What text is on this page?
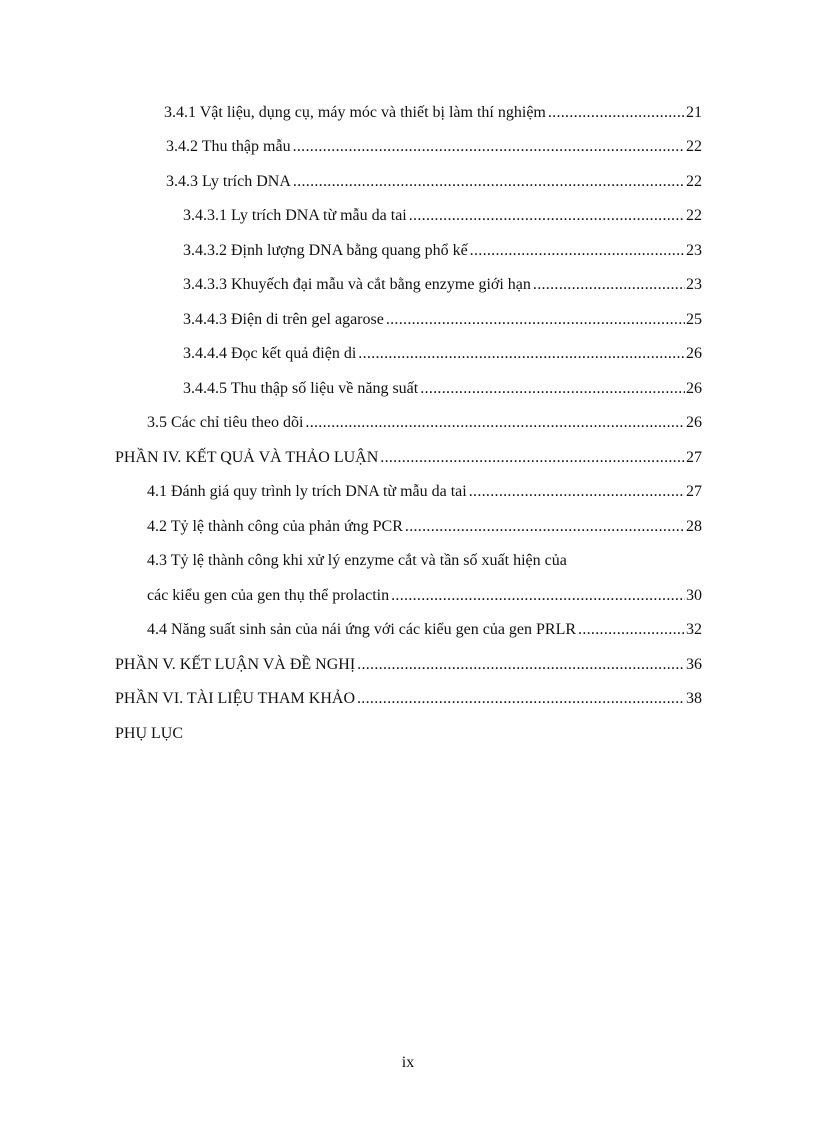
3.4.1 Vật liệu, dụng cụ, máy móc và thiết bị làm thí nghiệm .....	21
3.4.2 Thu thập mẫu .....	22
3.4.3 Ly trích DNA .....	22
3.4.3.1 Ly trích DNA từ mẫu da tai .....	22
3.4.3.2 Định lượng DNA bằng quang phổ kế .....	23
3.4.3.3 Khuyếch đại mẫu và cắt bằng enzyme giới hạn .....	23
3.4.4.3 Điện di trên gel agarose .....	25
3.4.4.4 Đọc kết quả điện di .....	26
3.4.4.5 Thu thập số liệu về năng suất .....	26
3.5 Các chỉ tiêu theo dõi .....	26
PHẦN IV. KẾT QUẢ VÀ THẢO LUẬN .....	27
4.1 Đánh giá quy trình ly trích DNA từ mẫu da tai .....	27
4.2 Tỷ lệ thành công của phản ứng PCR .....	28
4.3 Tỷ lệ thành công khi xử lý enzyme cắt và tần số xuất hiện của
các kiểu gen của gen thụ thể prolactin .....	30
4.4 Năng suất sinh sản của nái ứng với các kiểu gen của gen PRLR .....	32
PHẦN V. KẾT LUẬN VÀ ĐỀ NGHỊ .....	36
PHẦN VI. TÀI LIỆU THAM KHẢO .....	38
PHỤ LỤC
ix
